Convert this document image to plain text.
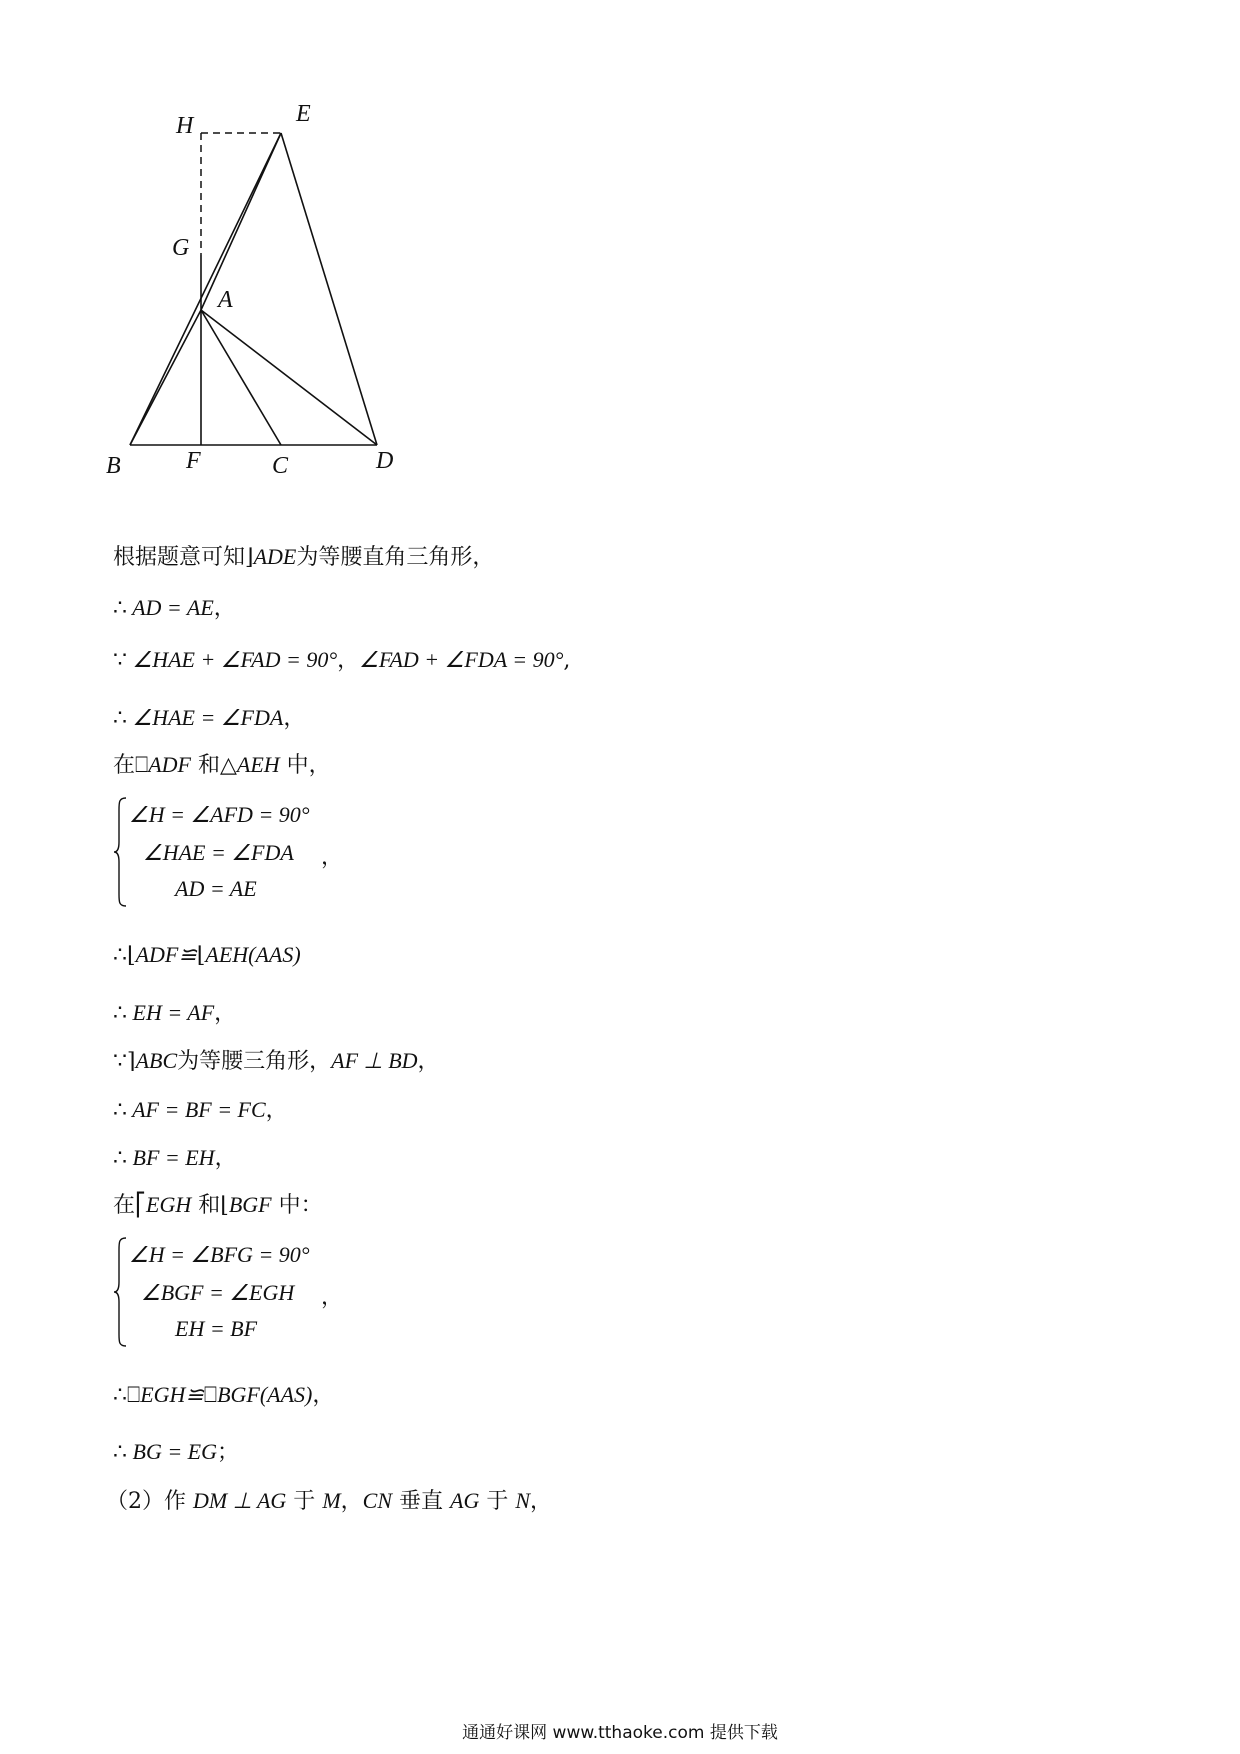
H	E
G
A
B	F	C	D
根据题意可知⌋ADE为等腰直角三角形，
∴ AD = AE，
∵ ∠HAE + ∠FAD = 90°，∠FAD + ∠FDA = 90°,
∴ ∠HAE = ∠FDA，
在⎕ADF 和△AEH 中，
∠H = ∠AFD = 90°
∠HAE = ∠FDA
AD = AE
，
∴⌊ADF≌⌊AEH(AAS)
∴ EH = AF，
∵⌉ABC为等腰三角形，AF ⊥ BD，
∴ AF = BF = FC，
∴ BF = EH，
在⎡EGH 和⌊BGF 中：
∠H = ∠BFG = 90°
∠BGF = ∠EGH
EH = BF
，
∴⎕EGH≌⎕BGF(AAS)，
∴ BG = EG；
（2）作 DM ⊥ AG 于 M，CN 垂直 AG 于 N，
通通好课网 www.tthaoke.com 提供下载
